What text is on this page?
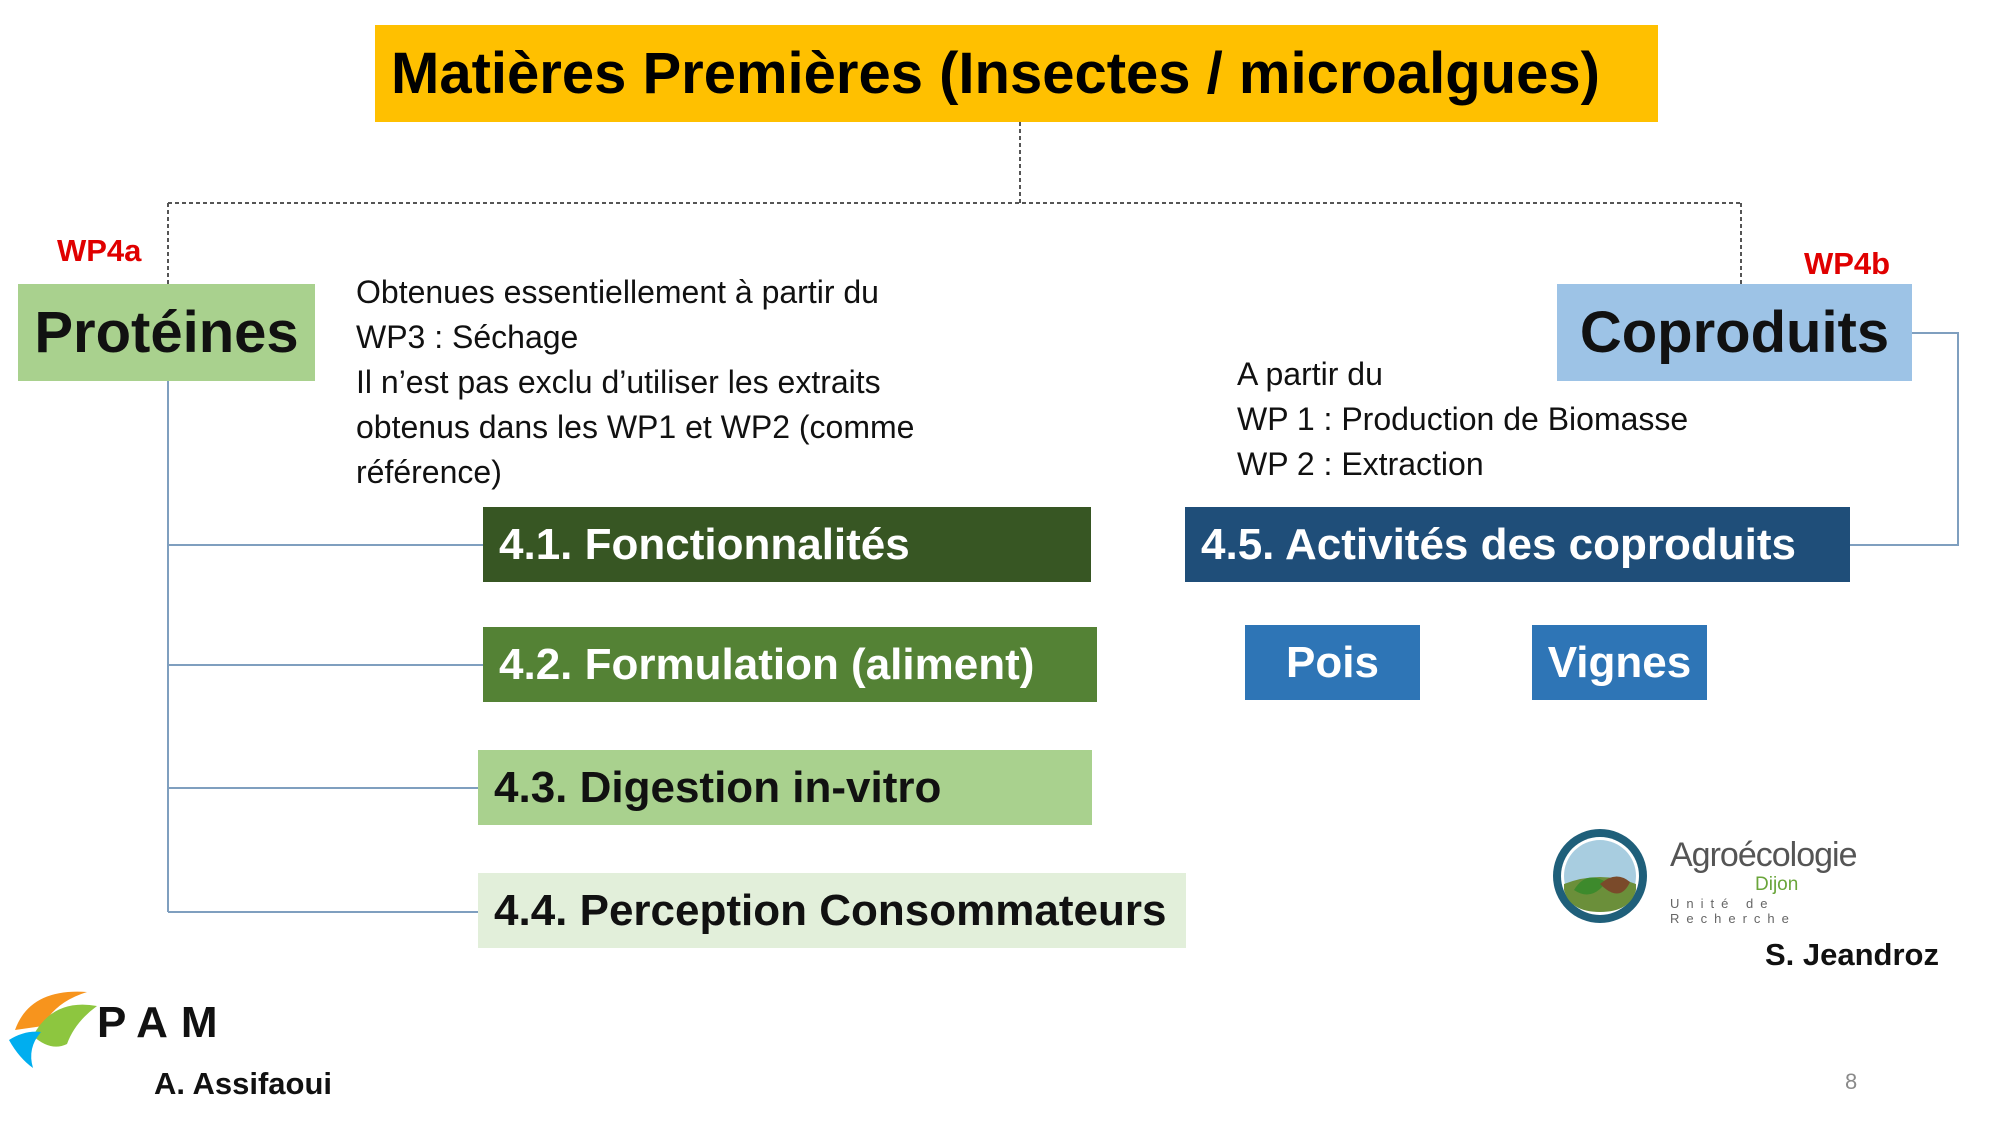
Matières Premières (Insectes / microalgues)
WP4a
Protéines
Obtenues essentiellement à partir du
WP3 : Séchage
Il n’est pas exclu d’utiliser les extraits
obtenus dans les WP1 et WP2 (comme
référence)
WP4b
Coproduits
A partir du
WP 1 : Production de Biomasse
WP 2 : Extraction
4.1. Fonctionnalités
4.2. Formulation (aliment)
4.3. Digestion in-vitro
4.4. Perception Consommateurs
4.5. Activités des coproduits
Pois	Vignes
Agroécologie
Dijon
Unité de Recherche
S. Jeandroz
PAM
A. Assifaoui	8
